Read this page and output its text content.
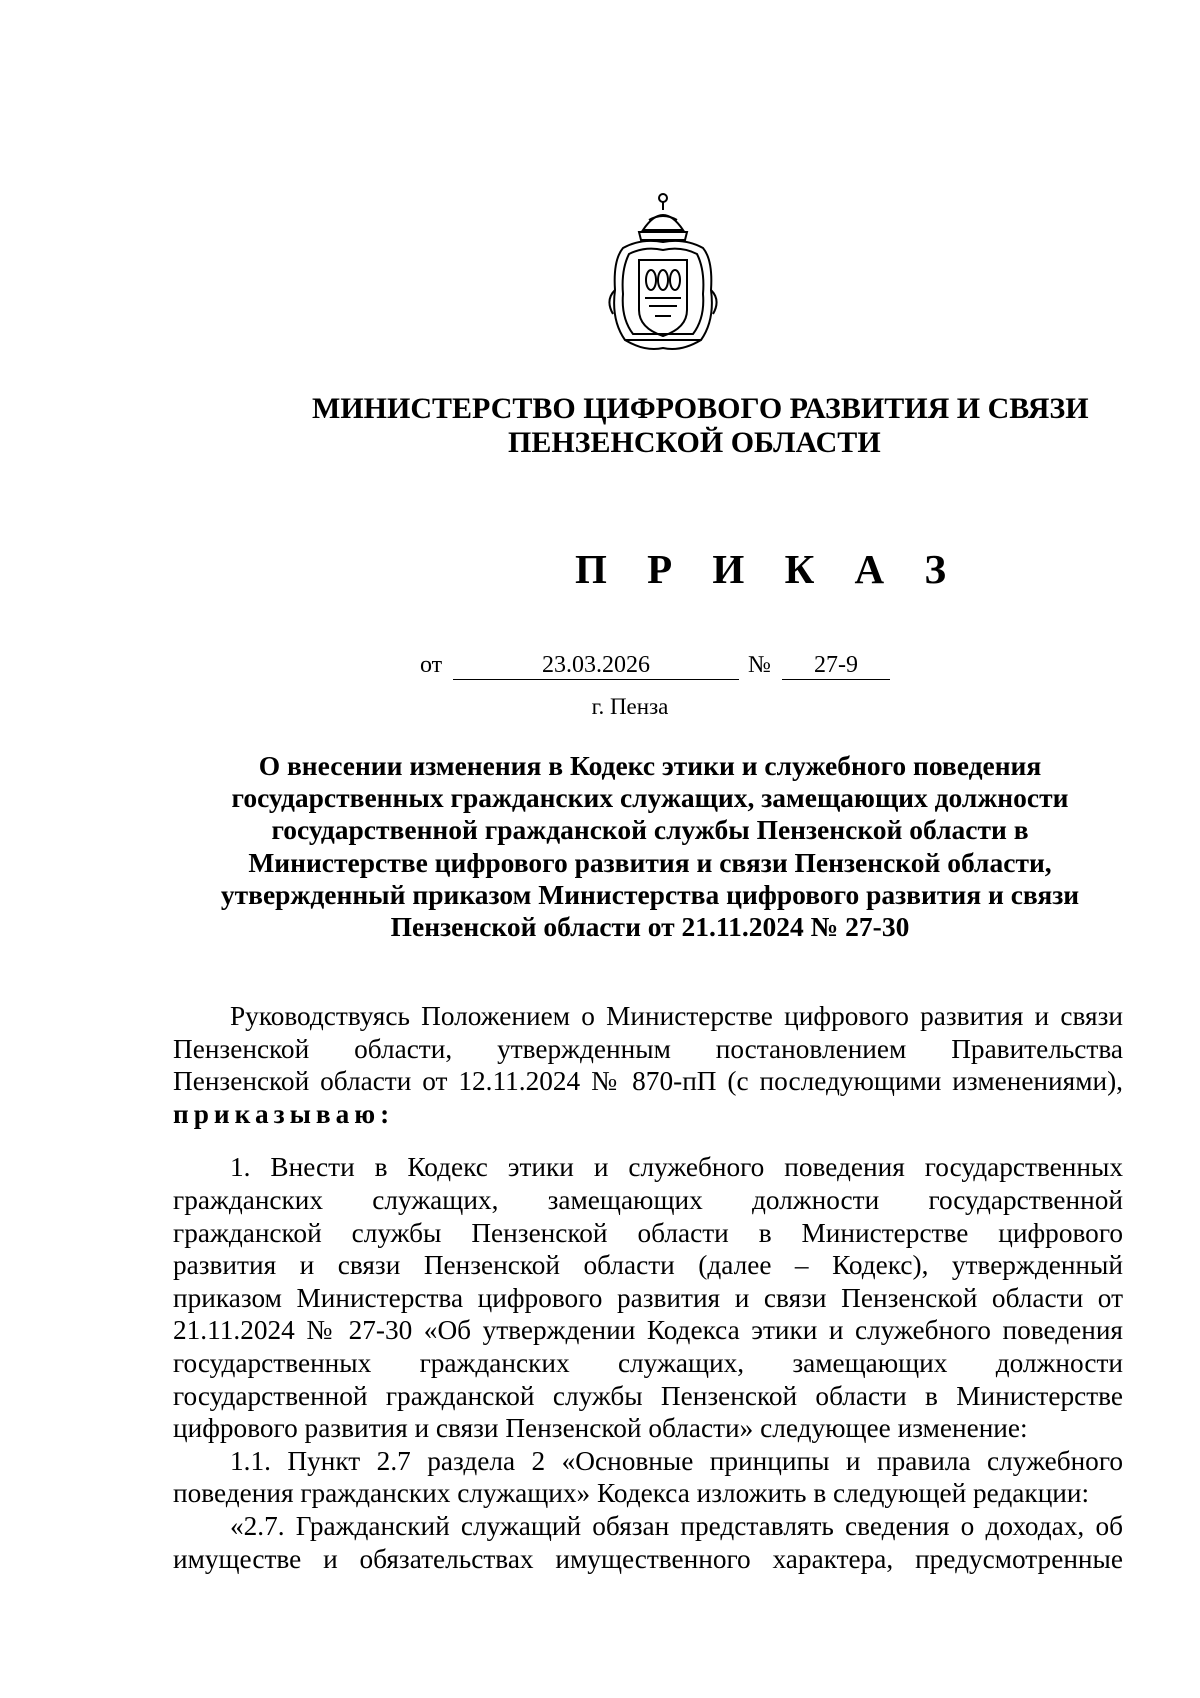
МИНИСТЕРСТВО ЦИФРОВОГО РАЗВИТИЯ И СВЯЗИ
ПЕНЗЕНСКОЙ ОБЛАСТИ
П Р И К А З
от	23.03.2026	№	27-9
г. Пенза
О внесении изменения в Кодекс этики и служебного поведения
государственных гражданских служащих, замещающих должности
государственной гражданской службы Пензенской области в
Министерстве цифрового развития и связи Пензенской области,
утвержденный приказом Министерства цифрового развития и связи
Пензенской области от 21.11.2024 № 27-30
Руководствуясь Положением о Министерстве цифрового развития и связи
Пензенской области, утвержденным постановлением Правительства
Пензенской области от 12.11.2024 № 870-пП (с последующими изменениями),
приказываю:
1. Внести в Кодекс этики и служебного поведения государственных
гражданских служащих, замещающих должности государственной
гражданской службы Пензенской области в Министерстве цифрового
развития и связи Пензенской области (далее – Кодекс), утвержденный
приказом Министерства цифрового развития и связи Пензенской области от
21.11.2024 № 27-30 «Об утверждении Кодекса этики и служебного поведения
государственных гражданских служащих, замещающих должности
государственной гражданской службы Пензенской области в Министерстве
цифрового развития и связи Пензенской области» следующее изменение:
1.1. Пункт 2.7 раздела 2 «Основные принципы и правила служебного
поведения гражданских служащих» Кодекса изложить в следующей редакции:
«2.7. Гражданский служащий обязан представлять сведения о доходах, об
имуществе и обязательствах имущественного характера, предусмотренные
